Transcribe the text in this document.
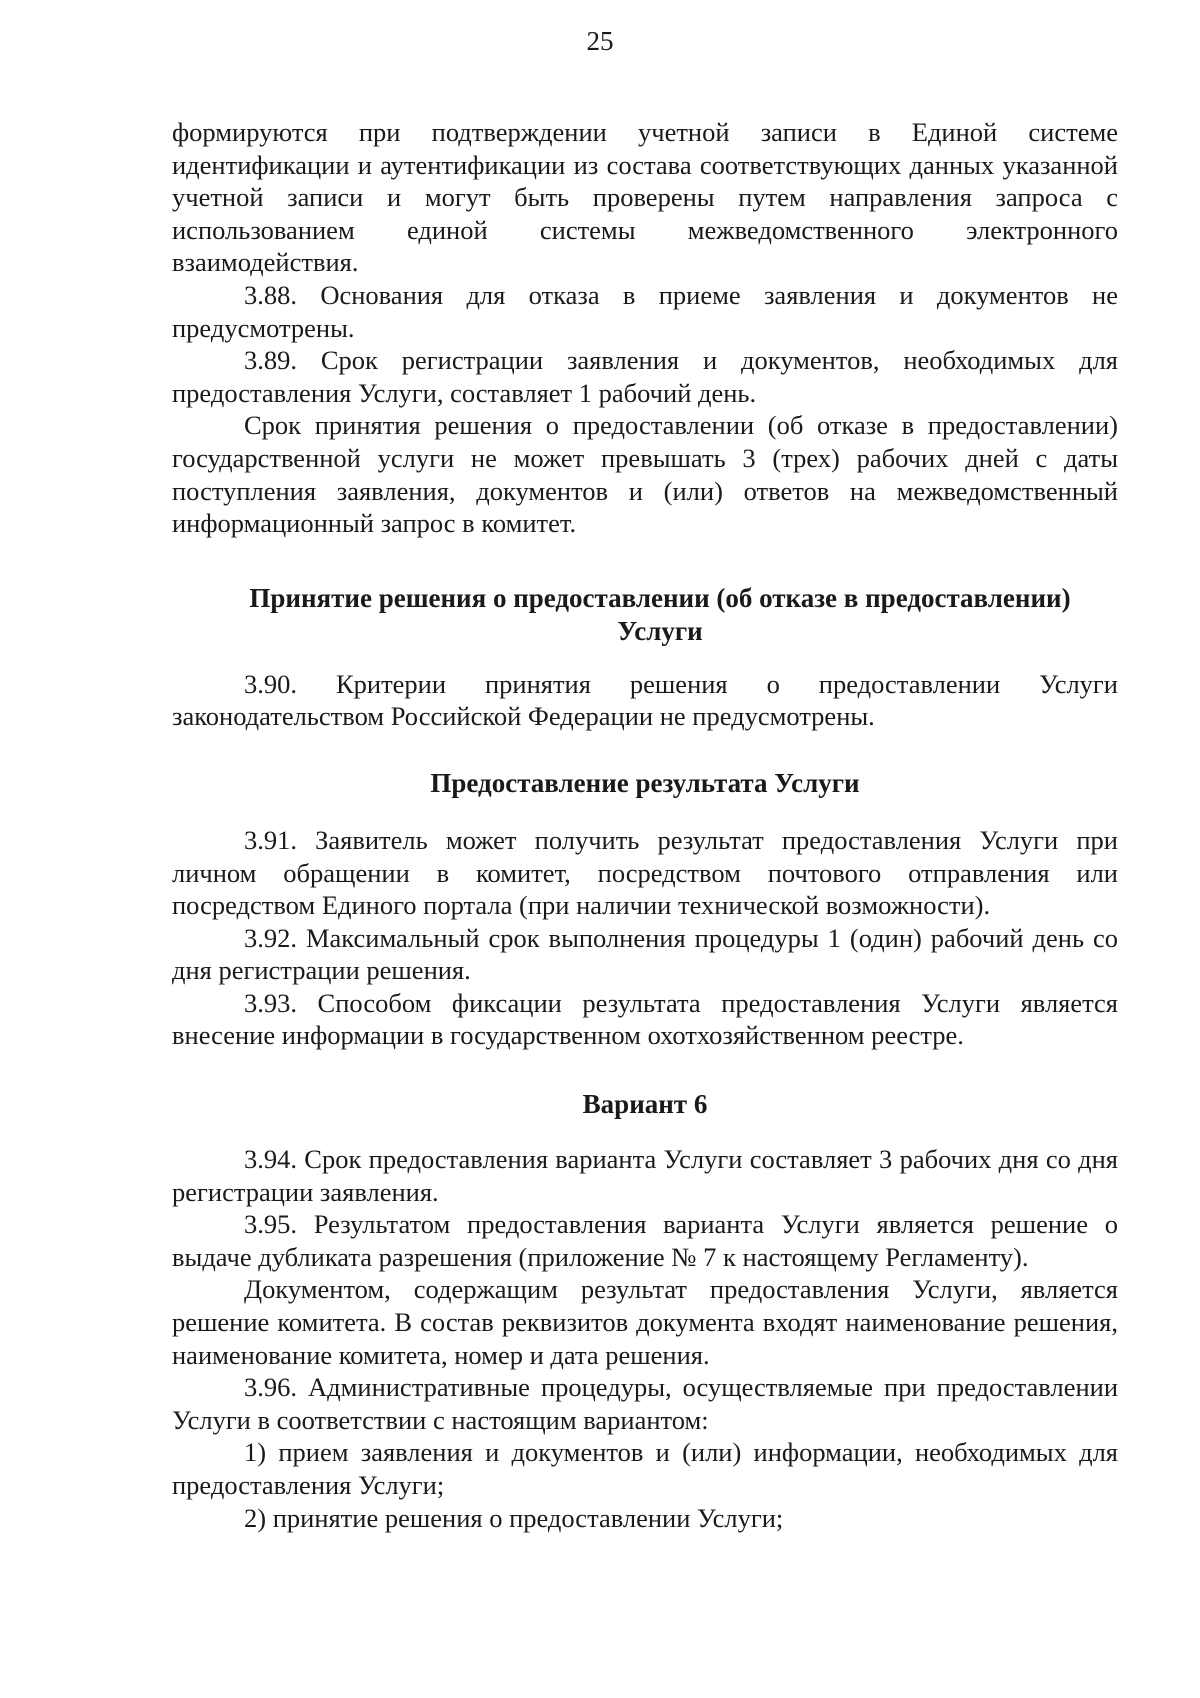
25

формируются при подтверждении учетной записи в Единой системе идентификации и аутентификации из состава соответствующих данных указанной учетной записи и могут быть проверены путем направления запроса с использованием единой системы межведомственного электронного взаимодействия.

3.88. Основания для отказа в приеме заявления и документов не предусмотрены.

3.89. Срок регистрации заявления и документов, необходимых для предоставления Услуги, составляет 1 рабочий день.

Срок принятия решения о предоставлении (об отказе в предоставлении) государственной услуги не может превышать 3 (трех) рабочих дней с даты поступления заявления, документов и (или) ответов на межведомственный информационный запрос в комитет.

Принятие решения о предоставлении (об отказе в предоставлении) Услуги

3.90. Критерии принятия решения о предоставлении Услуги законодательством Российской Федерации не предусмотрены.

Предоставление результата Услуги

3.91. Заявитель может получить результат предоставления Услуги при личном обращении в комитет, посредством почтового отправления или посредством Единого портала (при наличии технической возможности).

3.92. Максимальный срок выполнения процедуры 1 (один) рабочий день со дня регистрации решения.

3.93. Способом фиксации результата предоставления Услуги является внесение информации в государственном охотхозяйственном реестре.

Вариант 6

3.94. Срок предоставления варианта Услуги составляет 3 рабочих дня со дня регистрации заявления.

3.95. Результатом предоставления варианта Услуги является решение о выдаче дубликата разрешения (приложение № 7 к настоящему Регламенту).

Документом, содержащим результат предоставления Услуги, является решение комитета. В состав реквизитов документа входят наименование решения, наименование комитета, номер и дата решения.

3.96. Административные процедуры, осуществляемые при предоставлении Услуги в соответствии с настоящим вариантом:

1) прием заявления и документов и (или) информации, необходимых для предоставления Услуги;

2) принятие решения о предоставлении Услуги;
